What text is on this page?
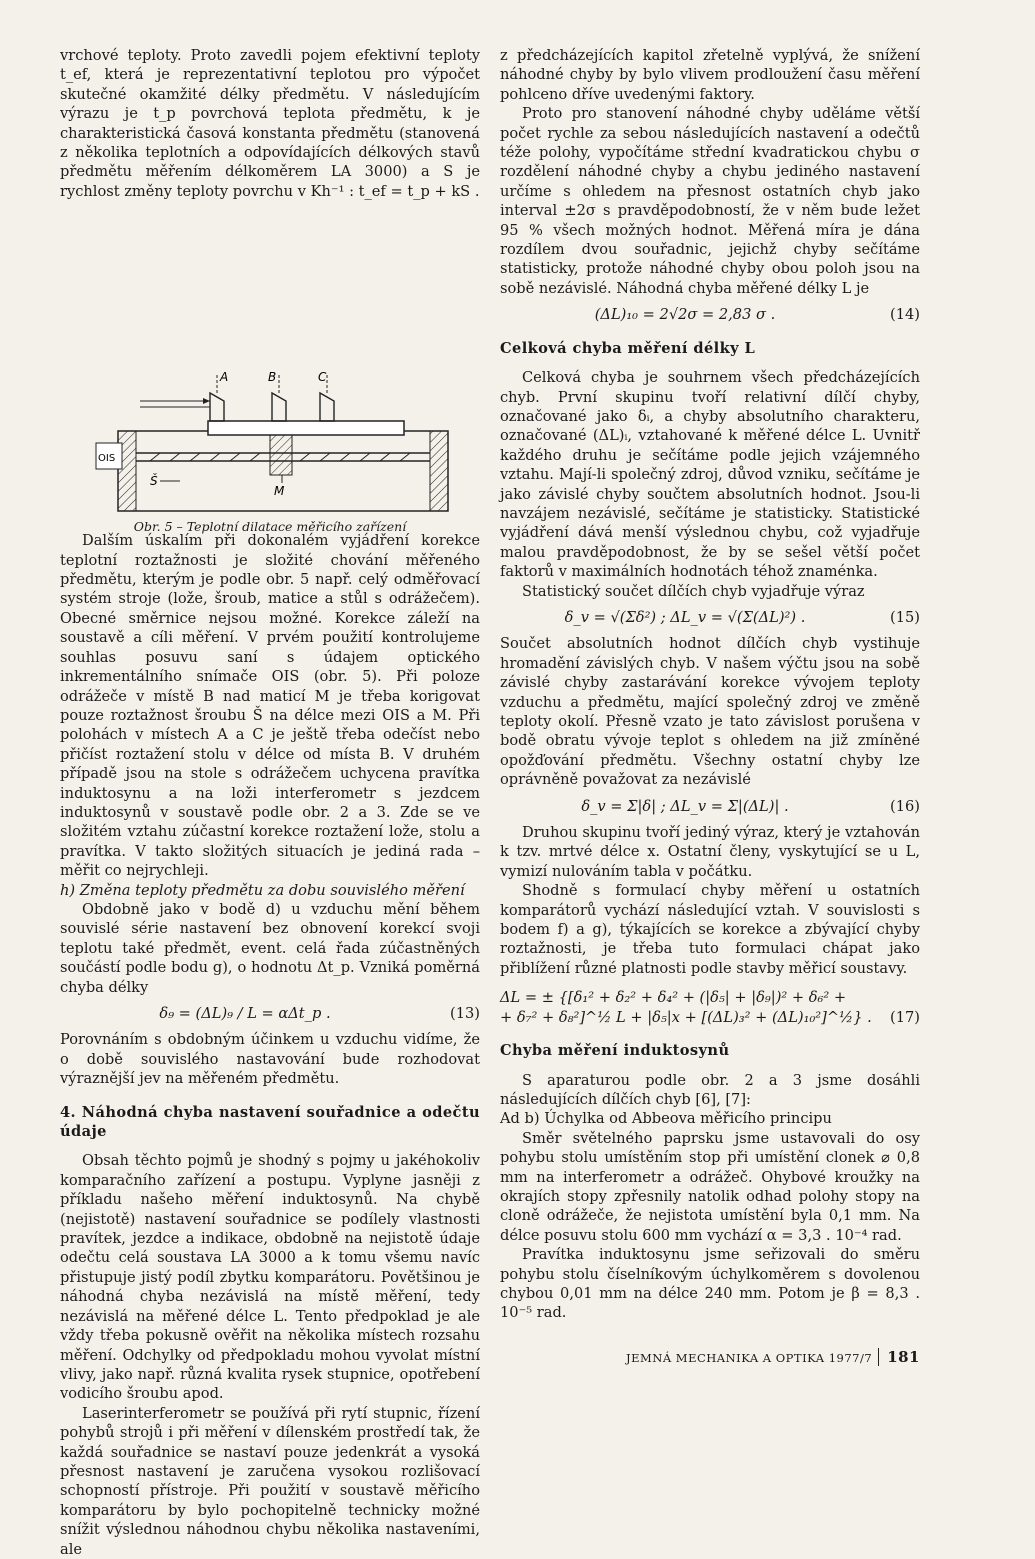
vrchové teploty. Proto zavedli pojem efektivní teploty t_ef, která je reprezentativní teplotou pro výpočet skutečné okamžité délky předmětu. V následujícím výrazu je t_p povrchová teplota předmětu, k je charakteristická časová konstanta předmětu (stanovená z několika teplotních a odpovídajících délkových stavů předmětu měřením délkoměrem LA 3000) a S je rychlost změny teploty povrchu v Kh⁻¹ : t_ef = t_p + kS .

OIS
A	B	C
Š
M
Obr. 5 – Teplotní dilatace měřicího zařízení

Dalším úskalím při dokonalém vyjádření korekce teplotní roztažnosti je složité chování měřeného předmětu, kterým je podle obr. 5 např. celý odměřovací systém stroje (lože, šroub, matice a stůl s odrážečem). Obecné směrnice nejsou možné. Korekce záleží na soustavě a cíli měření. V prvém použití kontrolujeme souhlas posuvu saní s údajem optického inkrementálního snímače OIS (obr. 5). Při poloze odrážeče v místě B nad maticí M je třeba korigovat pouze roztažnost šroubu Š na délce mezi OIS a M. Při polohách v místech A a C je ještě třeba odečíst nebo přičíst roztažení stolu v délce od místa B. V druhém případě jsou na stole s odrážečem uchycena pravítka induktosynu a na loži interferometr s jezdcem induktosynů v soustavě podle obr. 2 a 3. Zde se ve složitém vztahu zúčastní korekce roztažení lože, stolu a pravítka. V takto složitých situacích je jediná rada – měřit co nejrychleji.

h) Změna teploty předmětu za dobu souvislého měření

Obdobně jako v bodě d) u vzduchu mění během souvislé série nastavení bez obnovení korekcí svoji teplotu také předmět, event. celá řada zúčastněných součástí podle bodu g), o hodnotu Δt_p. Vzniká poměrná chyba délky

δ₉ = (ΔL)₉ / L = αΔt_p .	(13)

Porovnáním s obdobným účinkem u vzduchu vidíme, že o době souvislého nastavování bude rozhodovat výraznější jev na měřeném předmětu.

4. Náhodná chyba nastavení souřadnice a odečtu údaje

Obsah těchto pojmů je shodný s pojmy u jakéhokoliv komparačního zařízení a postupu. Vyplyne jasněji z příkladu našeho měření induktosynů. Na chybě (nejistotě) nastavení souřadnice se podílely vlastnosti pravítek, jezdce a indikace, obdobně na nejistotě údaje odečtu celá soustava LA 3000 a k tomu všemu navíc přistupuje jistý podíl zbytku komparátoru. Povětšinou je náhodná chyba nezávislá na místě měření, tedy nezávislá na měřené délce L. Tento předpoklad je ale vždy třeba pokusně ověřit na několika místech rozsahu měření. Odchylky od předpokladu mohou vyvolat místní vlivy, jako např. různá kvalita rysek stupnice, opotřebení vodicího šroubu apod.

Laserinterferometr se používá při rytí stupnic, řízení pohybů strojů i při měření v dílenském prostředí tak, že každá souřadnice se nastaví pouze jedenkrát a vysoká přesnost nastavení je zaručena vysokou rozlišovací schopností přístroje. Při použití v soustavě měřicího komparátoru by bylo pochopitelně technicky možné snížit výslednou náhodnou chybu několika nastaveními, ale

z předcházejících kapitol zřetelně vyplývá, že snížení náhodné chyby by bylo vlivem prodloužení času měření pohlceno dříve uvedenými faktory.

Proto pro stanovení náhodné chyby uděláme větší počet rychle za sebou následujících nastavení a odečtů téže polohy, vypočítáme střední kvadratickou chybu σ rozdělení náhodné chyby a chybu jediného nastavení určíme s ohledem na přesnost ostatních chyb jako interval ±2σ s pravděpodobností, že v něm bude ležet 95 % všech možných hodnot. Měřená míra je dána rozdílem dvou souřadnic, jejichž chyby sečítáme statisticky, protože náhodné chyby obou poloh jsou na sobě nezávislé. Náhodná chyba měřené délky L je

(ΔL)₁₀ = 2√2σ = 2,83 σ .	(14)

Celková chyba měření délky L

Celková chyba je souhrnem všech předcházejících chyb. První skupinu tvoří relativní dílčí chyby, označované jako δᵢ, a chyby absolutního charakteru, označované (ΔL)ᵢ, vztahované k měřené délce L. Uvnitř každého druhu je sečítáme podle jejich vzájemného vztahu. Mají-li společný zdroj, důvod vzniku, sečítáme je jako závislé chyby součtem absolutních hodnot. Jsou-li navzájem nezávislé, sečítáme je statisticky. Statistické vyjádření dává menší výslednou chybu, což vyjadřuje malou pravděpodobnost, že by se sešel větší počet faktorů v maximálních hodnotách téhož znaménka.

Statistický součet dílčích chyb vyjadřuje výraz

δ_v = √(Σδ²) ; ΔL_v = √(Σ(ΔL)²) .	(15)

Součet absolutních hodnot dílčích chyb vystihuje hromadění závislých chyb. V našem výčtu jsou na sobě závislé chyby zastarávání korekce vývojem teploty vzduchu a předmětu, mající společný zdroj ve změně teploty okolí. Přesně vzato je tato závislost porušena v bodě obratu vývoje teplot s ohledem na již zmíněné opožďování předmětu. Všechny ostatní chyby lze oprávněně považovat za nezávislé

δ_v = Σ|δ| ; ΔL_v = Σ|(ΔL)| .	(16)

Druhou skupinu tvoří jediný výraz, který je vztahován k tzv. mrtvé délce x. Ostatní členy, vyskytující se u L, vymizí nulováním tabla v počátku.

Shodně s formulací chyby měření u ostatních komparátorů vychází následující vztah. V souvislosti s bodem f) a g), týkajících se korekce a zbývající chyby roztažnosti, je třeba tuto formulaci chápat jako přiblížení různé platnosti podle stavby měřicí soustavy.

ΔL = ± {[δ₁² + δ₂² + δ₄² + (|δ₅| + |δ₉|)² + δ₆² +
+ δ₇² + δ₈²]^½ L + |δ₅|x + [(ΔL)₃² + (ΔL)₁₀²]^½} . (17)

Chyba měření induktosynů

S aparaturou podle obr. 2 a 3 jsme dosáhli následujících dílčích chyb [6], [7]:

Ad b) Úchylka od Abbeova měřicího principu

Směr světelného paprsku jsme ustavovali do osy pohybu stolu umístěním stop při umístění clonek ⌀ 0,8 mm na interferometr a odrážeč. Ohybové kroužky na okrajích stopy zpřesnily natolik odhad polohy stopy na cloně odrážeče, že nejistota umístění byla 0,1 mm. Na délce posuvu stolu 600 mm vychází α = 3,3 . 10⁻⁴ rad.

Pravítka induktosynu jsme seřizovali do směru pohybu stolu číselníkovým úchylkoměrem s dovolenou chybou 0,01 mm na délce 240 mm. Potom je β = 8,3 . 10⁻⁵ rad.

JEMNÁ MECHANIKA A OPTIKA 1977/7 181
